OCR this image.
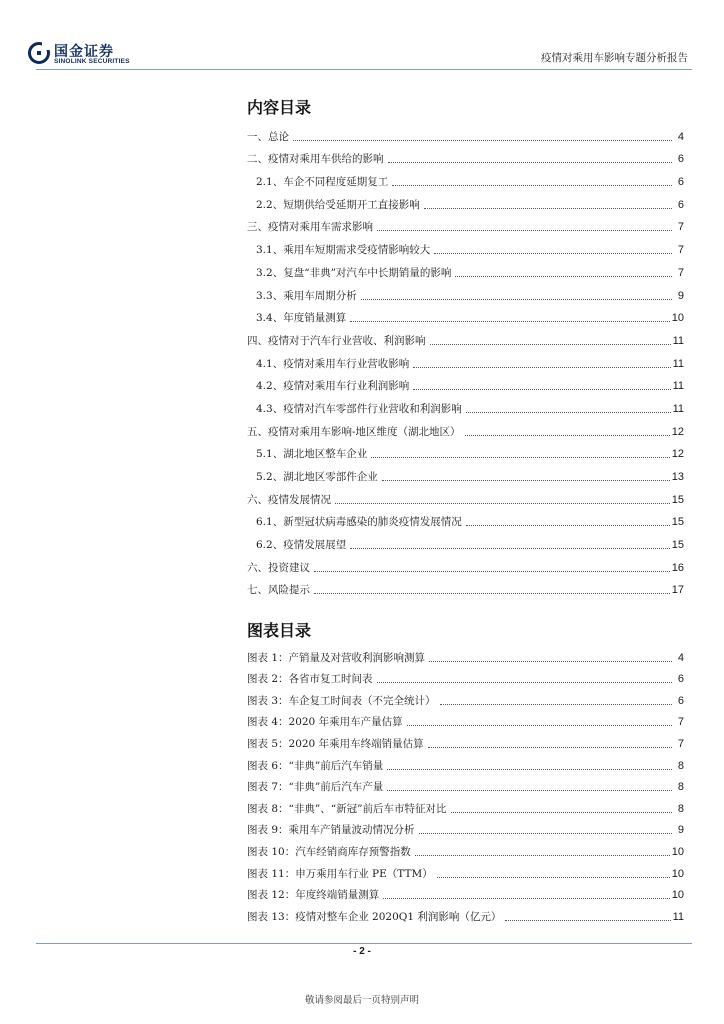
国金证券
SINOLINK SECURITIES	疫情对乘用车影响专题分析报告
内容目录
一、总论	4
二、疫情对乘用车供给的影响	6
2.1、车企不同程度延期复工	6
2.2、短期供给受延期开工直接影响	6
三、疫情对乘用车需求影响	7
3.1、乘用车短期需求受疫情影响较大	7
3.2、复盘“非典”对汽车中长期销量的影响	7
3.3、乘用车周期分析	9
3.4、年度销量测算	10
四、疫情对于汽车行业营收、利润影响	11
4.1、疫情对乘用车行业营收影响	11
4.2、疫情对乘用车行业利润影响	11
4.3、疫情对汽车零部件行业营收和利润影响	11
五、疫情对乘用车影响-地区维度（湖北地区）	12
5.1、湖北地区整车企业	12
5.2、湖北地区零部件企业	13
六、疫情发展情况	15
6.1、新型冠状病毒感染的肺炎疫情发展情况	15
6.2、疫情发展展望	15
六、投资建议	16
七、风险提示	17
图表目录
图表 1：产销量及对营收利润影响测算	4
图表 2：各省市复工时间表	6
图表 3：车企复工时间表（不完全统计）	6
图表 4：2020 年乘用车产量估算	7
图表 5：2020 年乘用车终端销量估算	7
图表 6：“非典”前后汽车销量	8
图表 7：“非典”前后汽车产量	8
图表 8：“非典”、“新冠”前后车市特征对比	8
图表 9：乘用车产销量波动情况分析	9
图表 10：汽车经销商库存预警指数	10
图表 11：申万乘用车行业 PE（TTM）	10
图表 12：年度终端销量测算	10
图表 13：疫情对整车企业 2020Q1 利润影响（亿元）	11
- 2 -
敬请参阅最后一页特别声明
